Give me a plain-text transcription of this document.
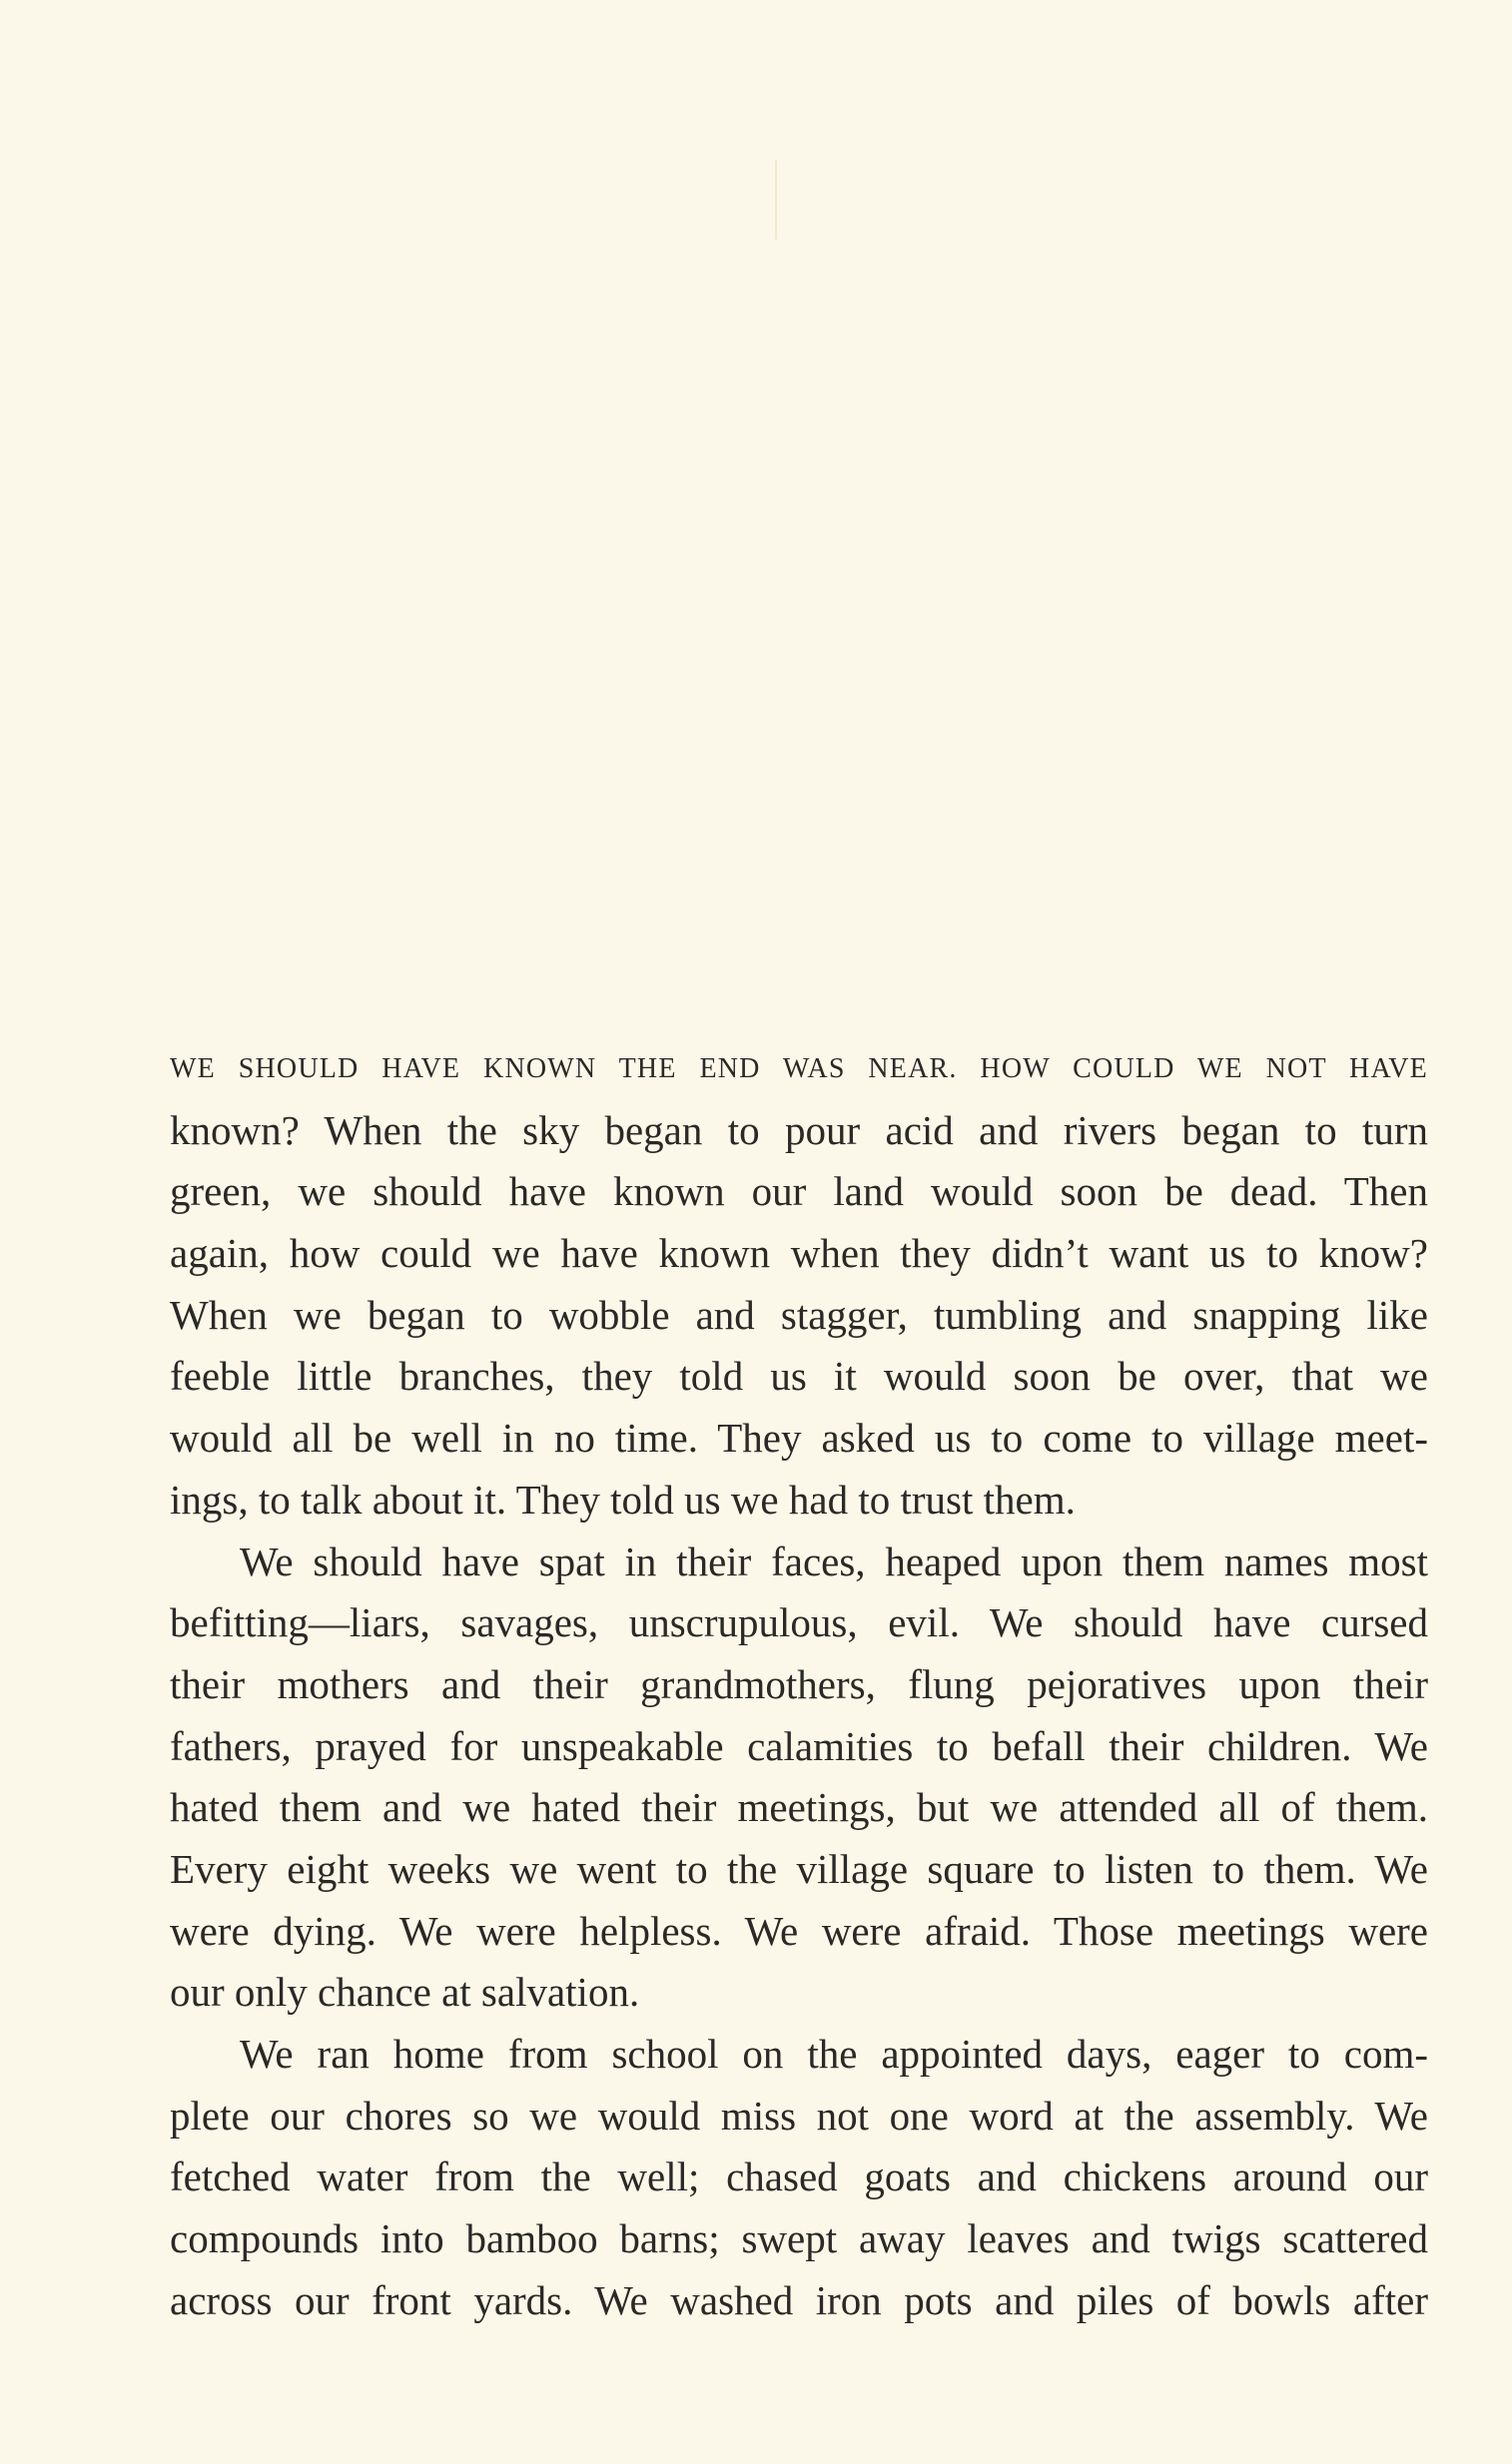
WE SHOULD HAVE KNOWN THE END WAS NEAR. HOW COULD WE NOT HAVE
known? When the sky began to pour acid and rivers began to turn
green, we should have known our land would soon be dead. Then
again, how could we have known when they didn’t want us to know?
When we began to wobble and stagger, tumbling and snapping like
feeble little branches, they told us it would soon be over, that we
would all be well in no time. They asked us to come to village meet-
ings, to talk about it. They told us we had to trust them.
We should have spat in their faces, heaped upon them names most
befitting—liars, savages, unscrupulous, evil. We should have cursed
their mothers and their grandmothers, flung pejoratives upon their
fathers, prayed for unspeakable calamities to befall their children. We
hated them and we hated their meetings, but we attended all of them.
Every eight weeks we went to the village square to listen to them. We
were dying. We were helpless. We were afraid. Those meetings were
our only chance at salvation.
We ran home from school on the appointed days, eager to com-
plete our chores so we would miss not one word at the assembly. We
fetched water from the well; chased goats and chickens around our
compounds into bamboo barns; swept away leaves and twigs scattered
across our front yards. We washed iron pots and piles of bowls after
